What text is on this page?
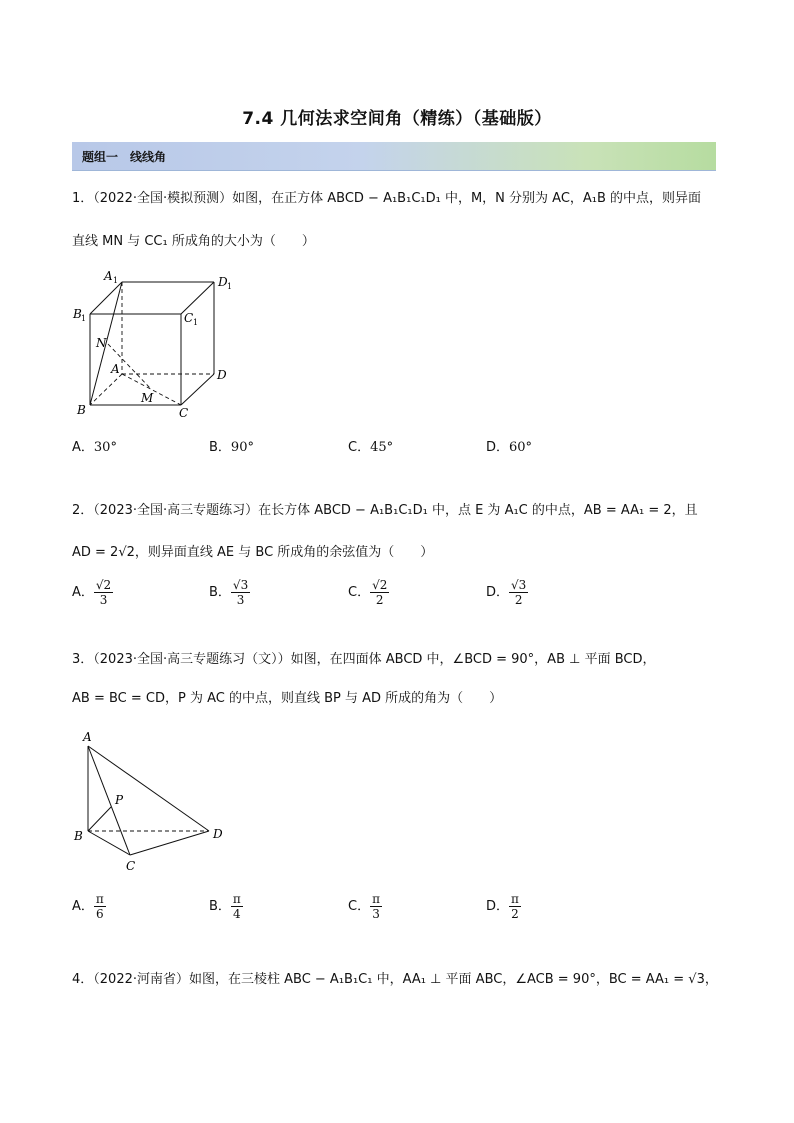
7.4 几何法求空间角（精练）（基础版）
题组一　线线角
1．（2022·全国·模拟预测）如图，在正方体 ABCD − A₁B₁C₁D₁ 中，M，N 分别为 AC，A₁B 的中点，则异面
直线 MN 与 CC₁ 所成角的大小为（　　）
A 1	D 1
B 1	C 1
N
A	D
B
M
C
A．30°	B．90°	C．45°	D．60°
2．（2023·全国·高三专题练习）在长方体 ABCD − A₁B₁C₁D₁ 中，点 E 为 A₁C 的中点，AB = AA₁ = 2，且
AD = 2√2，则异面直线 AE 与 BC 所成角的余弦值为（　　）
A． $\frac{√2}{3}$	B． $\frac{√3}{3}$	C． $\frac{√2}{2}$	D． $\frac{√3}{2}$
3．（2023·全国·高三专题练习（文））如图，在四面体 ABCD 中，∠BCD = 90°，AB ⊥ 平面 BCD，
AB = BC = CD，P 为 AC 的中点，则直线 BP 与 AD 所成的角为（　　）
A
P
B	D
C
A． $\frac{\pi}{6}$	B． $\frac{\pi}{4}$	C． $\frac{\pi}{3}$	D． $\frac{\pi}{2}$
4．（2022·河南省）如图，在三棱柱 ABC − A₁B₁C₁ 中，AA₁ ⊥ 平面 ABC，∠ACB = 90°，BC = AA₁ = √3，
